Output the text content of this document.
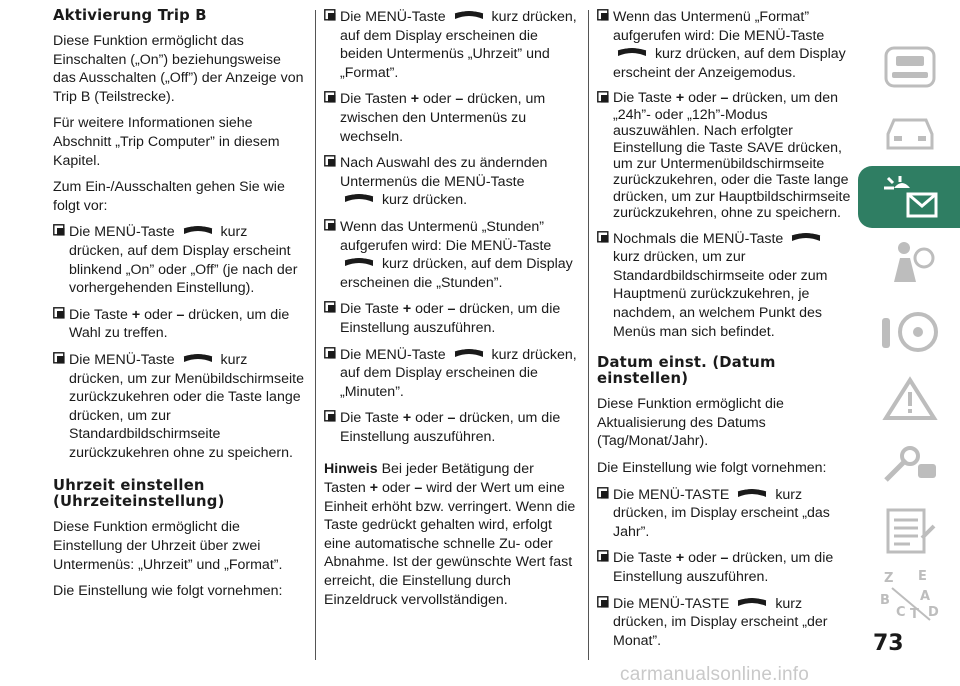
Aktivierung Trip B

Diese Funktion ermöglicht das Einschalten („On”) beziehungsweise das Ausschalten („Off”) der Anzeige von Trip B (Teilstrecke).

Für weitere Informationen siehe Abschnitt „Trip Computer” in diesem Kapitel.

Zum Ein-/Ausschalten gehen Sie wie folgt vor:

Die MENÜ-Taste	kurz drücken, auf dem Display erscheint blinkend „On” oder „Off” (je nach der vorhergehenden Einstellung).
Die Taste + oder – drücken, um die Wahl zu treffen.
Die MENÜ-Taste	kurz drücken, um zur Menübildschirmseite zurückzukehren oder die Taste lange drücken, um zur Standardbildschirmseite zurückzukehren ohne zu speichern.
Uhrzeit einstellen (Uhrzeiteinstellung)

Diese Funktion ermöglicht die Einstellung der Uhrzeit über zwei Untermenüs: „Uhrzeit” und „Format”.

Die Einstellung wie folgt vornehmen:

Die MENÜ-Taste	kurz drücken, auf dem Display erscheinen die beiden Untermenüs „Uhrzeit” und „Format”.
Die Tasten + oder – drücken, um zwischen den Untermenüs zu wechseln.
Nach Auswahl des zu ändernden Untermenüs die MENÜ-Taste
kurz drücken.
Wenn das Untermenü „Stunden” aufgerufen wird: Die MENÜ-Taste
kurz drücken, auf dem Display erscheinen die „Stunden”.
Die Taste + oder – drücken, um die Einstellung auszuführen.
Die MENÜ-Taste	kurz drücken, auf dem Display erscheinen die „Minuten”.
Die Taste + oder – drücken, um die Einstellung auszuführen.

Hinweis Bei jeder Betätigung der Tasten + oder – wird der Wert um eine Einheit erhöht bzw. verringert. Wenn die Taste gedrückt gehalten wird, erfolgt eine automatische schnelle Zu- oder Abnahme. Ist der gewünschte Wert fast erreicht, die Einstellung durch Einzeldruck vervollständigen.

Wenn das Untermenü „Format” aufgerufen wird: Die MENÜ-Taste
kurz drücken, auf dem Display erscheint der Anzeigemodus.
Die Taste + oder – drücken, um den „24h”- oder „12h”-Modus auszuwählen. Nach erfolgter Einstellung die Taste SAVE drücken, um zur Untermenübildschirmseite zurückzukehren, oder die Taste lange drücken, um zur Hauptbildschirmseite zurückzukehren, ohne zu speichern.
Nochmals die MENÜ-Taste  kurz drücken, um zur Standardbildschirmseite oder zum Hauptmenü zurückzukehren, je nachdem, an welchem Punkt des Menüs man sich befindet.
Datum einst. (Datum einstellen)

Diese Funktion ermöglicht die Aktualisierung des Datums (Tag/Monat/Jahr).

Die Einstellung wie folgt vornehmen:

Die MENÜ-TASTE	kurz drücken, im Display erscheint „das Jahr”.
Die Taste + oder – drücken, um die Einstellung auszuführen.
Die MENÜ-TASTE	kurz drücken, im Display erscheint „der Monat”.
Z E
B A
C T D
73
carmanualsonline.info
